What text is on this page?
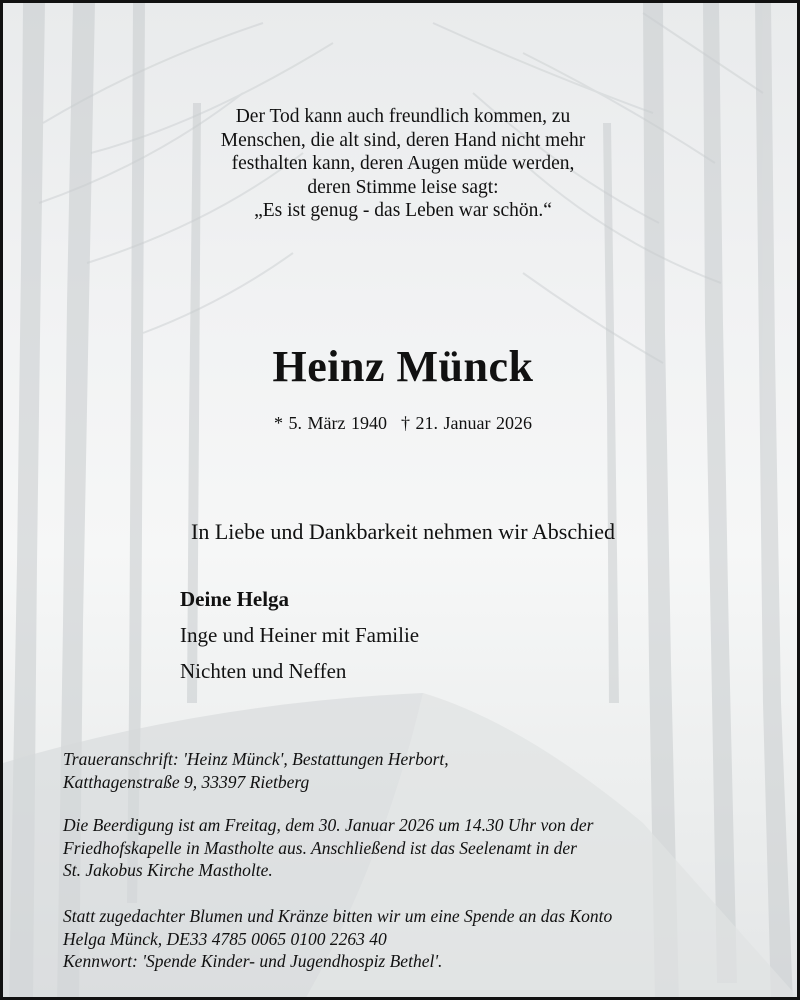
Der Tod kann auch freundlich kommen, zu
Menschen, die alt sind, deren Hand nicht mehr
festhalten kann, deren Augen müde werden,
deren Stimme leise sagt:
„Es ist genug - das Leben war schön.“
Heinz Münck
* 5. März 1940 † 21. Januar 2026
In Liebe und Dankbarkeit nehmen wir Abschied
Deine Helga
Inge und Heiner mit Familie
Nichten und Neffen
Traueranschrift: 'Heinz Münck', Bestattungen Herbort,
Katthagenstraße 9, 33397 Rietberg
Die Beerdigung ist am Freitag, dem 30. Januar 2026 um 14.30 Uhr von der
Friedhofskapelle in Mastholte aus. Anschließend ist das Seelenamt in der
St. Jakobus Kirche Mastholte.
Statt zugedachter Blumen und Kränze bitten wir um eine Spende an das Konto
Helga Münck, DE33 4785 0065 0100 2263 40
Kennwort: 'Spende Kinder- und Jugendhospiz Bethel'.
